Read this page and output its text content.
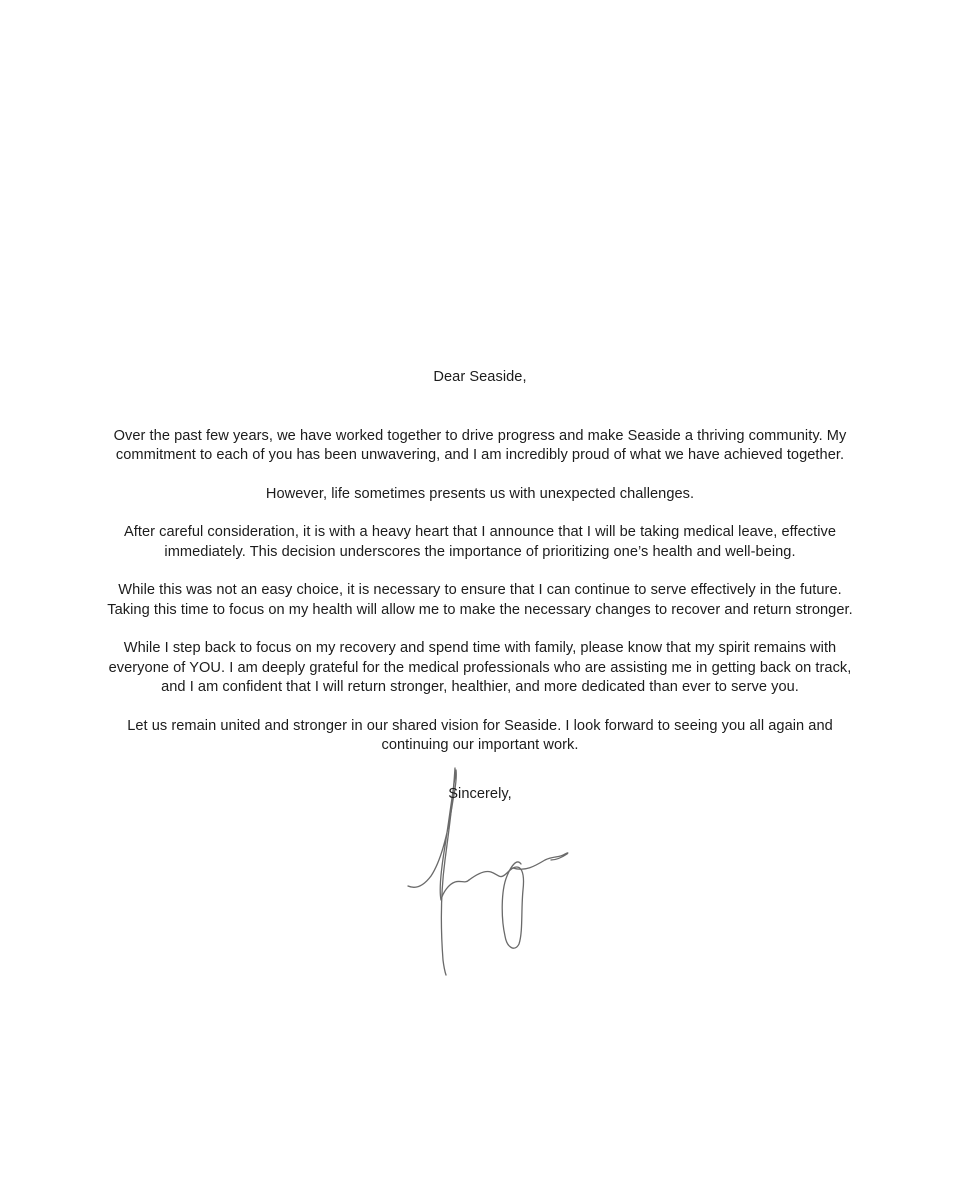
Dear Seaside,

Over the past few years, we have worked together to drive progress and make Seaside a thriving community. My commitment to each of you has been unwavering, and I am incredibly proud of what we have achieved together.

However, life sometimes presents us with unexpected challenges.

After careful consideration, it is with a heavy heart that I announce that I will be taking medical leave, effective immediately. This decision underscores the importance of prioritizing one’s health and well-being.

While this was not an easy choice, it is necessary to ensure that I can continue to serve effectively in the future. Taking this time to focus on my health will allow me to make the necessary changes to recover and return stronger.

While I step back to focus on my recovery and spend time with family, please know that my spirit remains with everyone of YOU. I am deeply grateful for the medical professionals who are assisting me in getting back on track, and I am confident that I will return stronger, healthier, and more dedicated than ever to serve you.

Let us remain united and stronger in our shared vision for Seaside. I look forward to seeing you all again and continuing our important work.

Sincerely,
